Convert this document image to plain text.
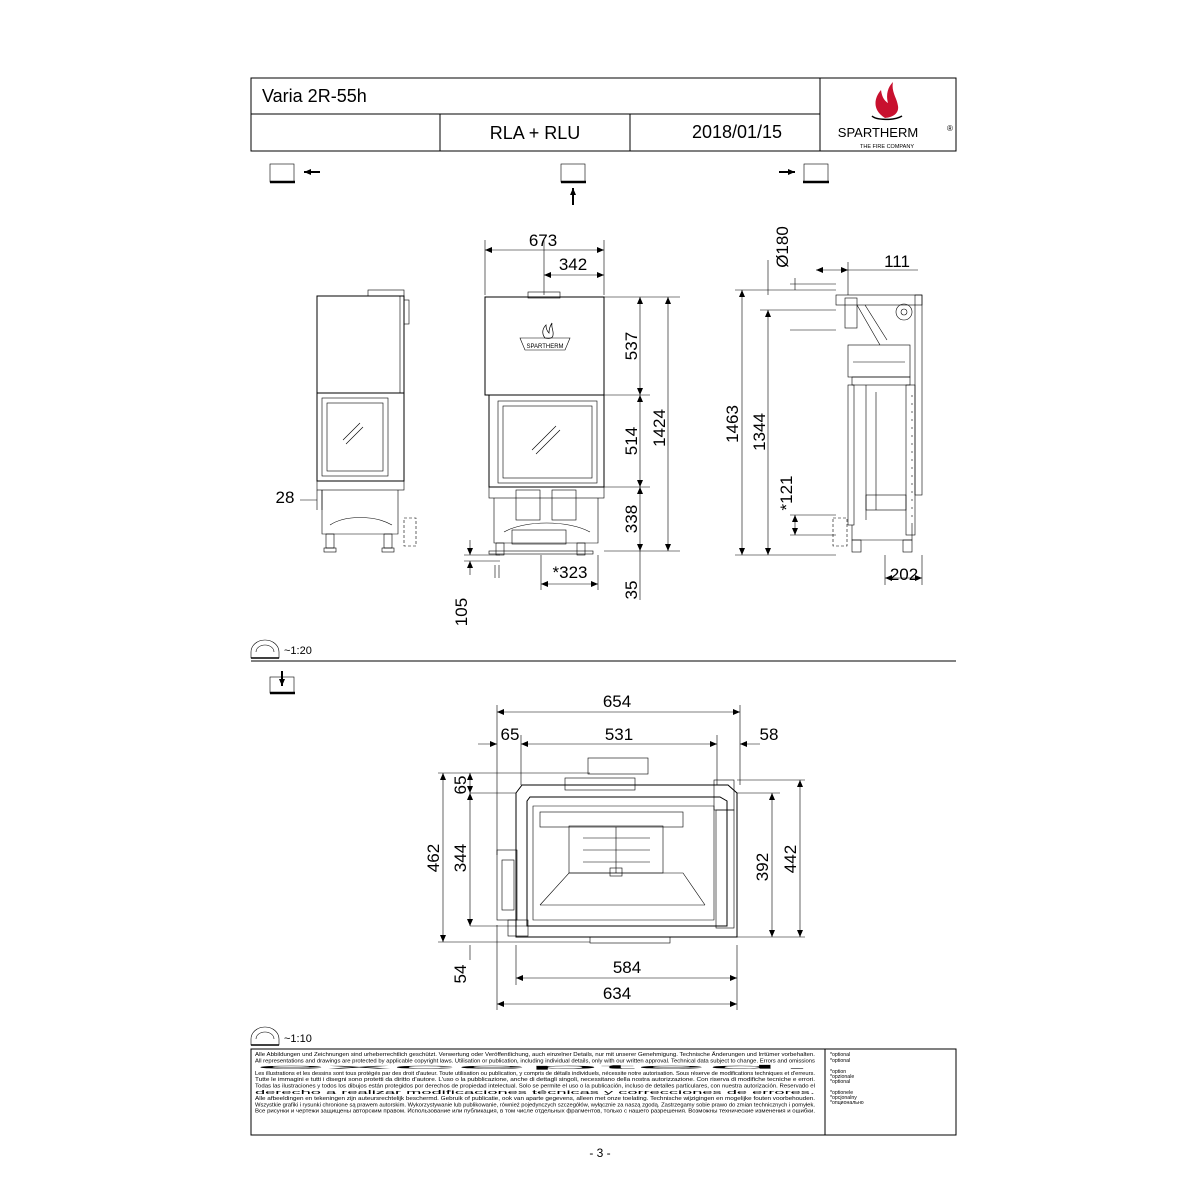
Varia 2R-55h
RLA + RLU	2018/01/15	SPARTHERM	®
THE FIRE COMPANY
28
SPARTHERM
673
342
537
514
338
1424
35
*323
105
Ø180	111
1463 1344
*121
202
~1:20
654
65	531	58
65
344
462
54
392 442
584
634
~1:10
Alle Abbildungen und Zeichnungen sind urheberrechtlich geschützt. Verwertung oder Veröffentlichung, auch einzelner Details, nur mit unserer Genehmigung. Technische Änderungen und Irrtümer vorbehalten.
All representations and drawings are protected by applicable copyright laws. Utilisation or publication, including individual details, only with our written approval. Technical data subject to change. Errors and omissions
excepted.
Les illustrations et les dessins sont tous protégés par des droit d'auteur. Toute utilisation ou publication, y compris de détails individuels, nécessite notre autorisation. Sous réserve de modifications techniques et d'erreurs.
Tutte le immagini e tutti i disegni sono protetti da diritto d'autore. L'uso o la pubblicazione, anche di dettagli singoli, necessitano della nostra autorizzazione. Con riserva di modifiche tecniche e errori.
Todas las ilustraciones y todos los dibujos están protegidos por derechos de propiedad intelectual. Solo se permite el uso o la publicación, incluso de detalles particulares, con nuestra autorización. Reservado el
derecho a realizar modificaciones técnicas y correcciones de errores.
Alle afbeeldingen en tekeningen zijn auteursrechtelijk beschermd. Gebruik of publicatie, ook van aparte gegevens, alleen met onze toelating. Technische wijzigingen en mogelijke fouten voorbehouden.
Wszystkie grafiki i rysunki chronione są prawem autorskim. Wykorzystywanie lub publikowanie, również pojedynczych szczegółów, wyłącznie za naszą zgodą. Zastrzegamy sobie prawo do zmian technicznych i pomyłek.
Все рисунки и чертежи защищены авторским правом. Использование или публикация, в том числе отдельных фрагментов, только с нашего разрешения. Возможны технические изменения и ошибки.
*optional
*optional
*option
*opzionale
*optional
*optionele
*opcjonalny
*опционально
- 3 -
